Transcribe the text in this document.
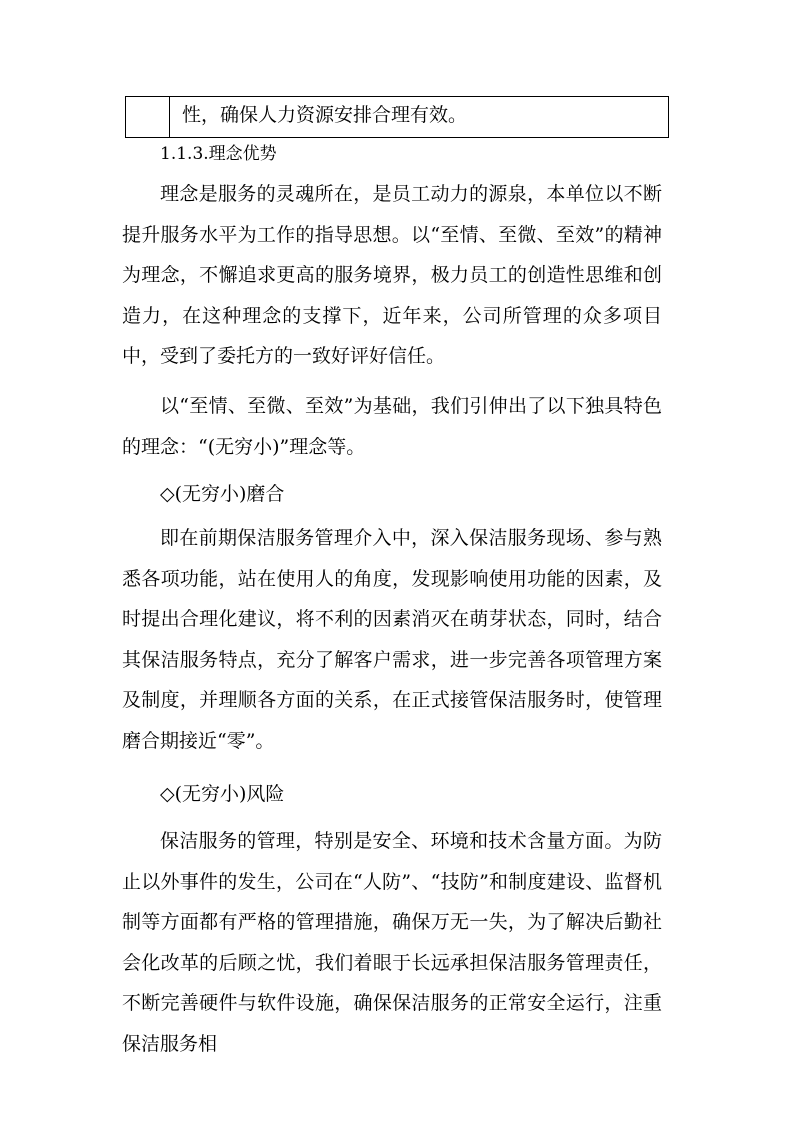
性，确保人力资源安排合理有效。
1.1.3.理念优势

理念是服务的灵魂所在，是员工动力的源泉，本单位以不断提升服务水平为工作的指导思想。以“至情、至微、至效”的精神为理念，不懈追求更高的服务境界，极力员工的创造性思维和创造力，在这种理念的支撑下，近年来，公司所管理的众多项目中，受到了委托方的一致好评好信任。

以“至情、至微、至效”为基础，我们引伸出了以下独具特色的理念：“(无穷小)”理念等。

◇(无穷小)磨合

即在前期保洁服务管理介入中，深入保洁服务现场、参与熟悉各项功能，站在使用人的角度，发现影响使用功能的因素，及时提出合理化建议，将不利的因素消灭在萌芽状态，同时，结合其保洁服务特点，充分了解客户需求，进一步完善各项管理方案及制度，并理顺各方面的关系，在正式接管保洁服务时，使管理磨合期接近“零”。

◇(无穷小)风险

保洁服务的管理，特别是安全、环境和技术含量方面。为防止以外事件的发生，公司在“人防”、“技防”和制度建设、监督机制等方面都有严格的管理措施，确保万无一失，为了解决后勤社会化改革的后顾之忧，我们着眼于长远承担保洁服务管理责任，不断完善硬件与软件设施，确保保洁服务的正常安全运行，注重保洁服务相
